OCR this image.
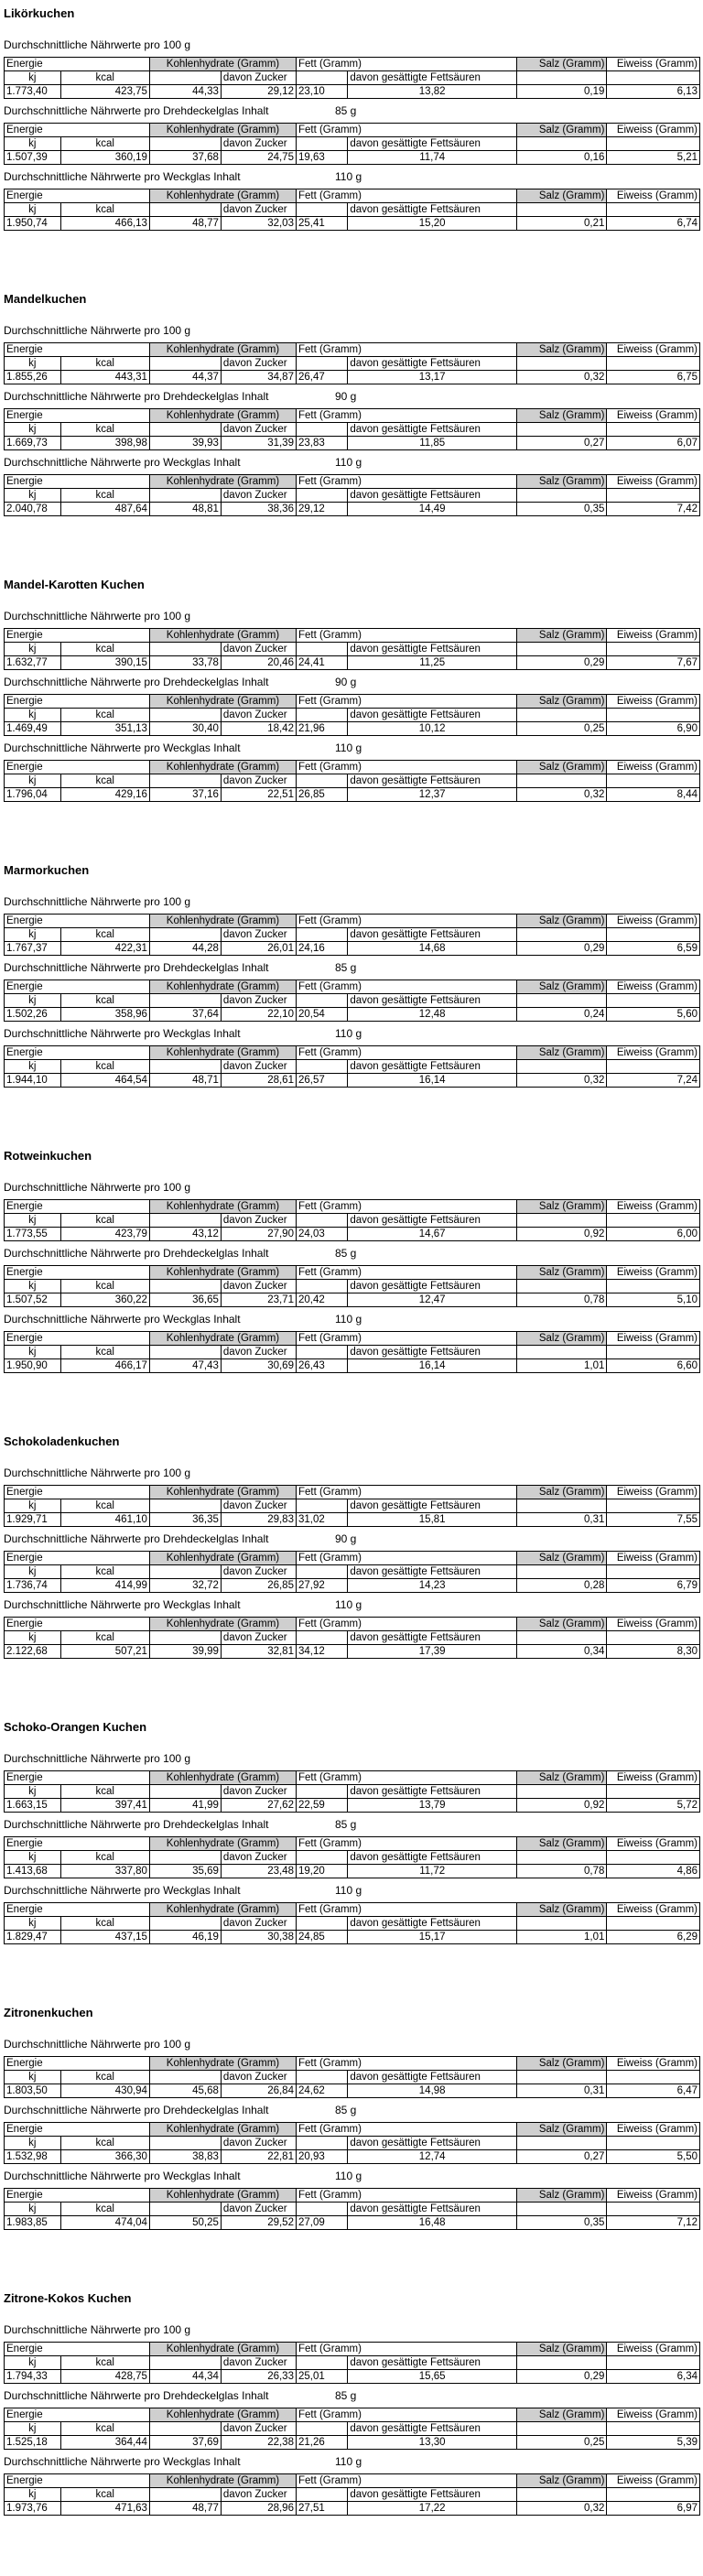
Likörkuchen
Durchschnittliche Nährwerte pro 100 g
Energie		Kohlenhydrate (Gramm)		Fett (Gramm)		Salz (Gramm)	Eiweiss (Gramm)
kj	kcal		davon Zucker		davon gesättigte Fettsäuren		
1.773,40	423,75	44,33	29,12	23,10	13,82	0,19	6,13
Durchschnittliche Nährwerte pro Drehdeckelglas Inhalt	85 g
Energie		Kohlenhydrate (Gramm)		Fett (Gramm)		Salz (Gramm)	Eiweiss (Gramm)
kj	kcal		davon Zucker		davon gesättigte Fettsäuren		
1.507,39	360,19	37,68	24,75	19,63	11,74	0,16	5,21
Durchschnittliche Nährwerte pro Weckglas Inhalt	110 g
Energie		Kohlenhydrate (Gramm)		Fett (Gramm)		Salz (Gramm)	Eiweiss (Gramm)
kj	kcal		davon Zucker		davon gesättigte Fettsäuren		
1.950,74	466,13	48,77	32,03	25,41	15,20	0,21	6,74
Mandelkuchen
Durchschnittliche Nährwerte pro 100 g
Energie		Kohlenhydrate (Gramm)		Fett (Gramm)		Salz (Gramm)	Eiweiss (Gramm)
kj	kcal		davon Zucker		davon gesättigte Fettsäuren		
1.855,26	443,31	44,37	34,87	26,47	13,17	0,32	6,75
Durchschnittliche Nährwerte pro Drehdeckelglas Inhalt	90 g
Energie		Kohlenhydrate (Gramm)		Fett (Gramm)		Salz (Gramm)	Eiweiss (Gramm)
kj	kcal		davon Zucker		davon gesättigte Fettsäuren		
1.669,73	398,98	39,93	31,39	23,83	11,85	0,27	6,07
Durchschnittliche Nährwerte pro Weckglas Inhalt	110 g
Energie		Kohlenhydrate (Gramm)		Fett (Gramm)		Salz (Gramm)	Eiweiss (Gramm)
kj	kcal		davon Zucker		davon gesättigte Fettsäuren		
2.040,78	487,64	48,81	38,36	29,12	14,49	0,35	7,42
Mandel-Karotten Kuchen
Durchschnittliche Nährwerte pro 100 g
Energie		Kohlenhydrate (Gramm)		Fett (Gramm)		Salz (Gramm)	Eiweiss (Gramm)
kj	kcal		davon Zucker		davon gesättigte Fettsäuren		
1.632,77	390,15	33,78	20,46	24,41	11,25	0,29	7,67
Durchschnittliche Nährwerte pro Drehdeckelglas Inhalt	90 g
Energie		Kohlenhydrate (Gramm)		Fett (Gramm)		Salz (Gramm)	Eiweiss (Gramm)
kj	kcal		davon Zucker		davon gesättigte Fettsäuren		
1.469,49	351,13	30,40	18,42	21,96	10,12	0,25	6,90
Durchschnittliche Nährwerte pro Weckglas Inhalt	110 g
Energie		Kohlenhydrate (Gramm)		Fett (Gramm)		Salz (Gramm)	Eiweiss (Gramm)
kj	kcal		davon Zucker		davon gesättigte Fettsäuren		
1.796,04	429,16	37,16	22,51	26,85	12,37	0,32	8,44
Marmorkuchen
Durchschnittliche Nährwerte pro 100 g
Energie		Kohlenhydrate (Gramm)		Fett (Gramm)		Salz (Gramm)	Eiweiss (Gramm)
kj	kcal		davon Zucker		davon gesättigte Fettsäuren		
1.767,37	422,31	44,28	26,01	24,16	14,68	0,29	6,59
Durchschnittliche Nährwerte pro Drehdeckelglas Inhalt	85 g
Energie		Kohlenhydrate (Gramm)		Fett (Gramm)		Salz (Gramm)	Eiweiss (Gramm)
kj	kcal		davon Zucker		davon gesättigte Fettsäuren		
1.502,26	358,96	37,64	22,10	20,54	12,48	0,24	5,60
Durchschnittliche Nährwerte pro Weckglas Inhalt	110 g
Energie		Kohlenhydrate (Gramm)		Fett (Gramm)		Salz (Gramm)	Eiweiss (Gramm)
kj	kcal		davon Zucker		davon gesättigte Fettsäuren		
1.944,10	464,54	48,71	28,61	26,57	16,14	0,32	7,24
Rotweinkuchen
Durchschnittliche Nährwerte pro 100 g
Energie		Kohlenhydrate (Gramm)		Fett (Gramm)		Salz (Gramm)	Eiweiss (Gramm)
kj	kcal		davon Zucker		davon gesättigte Fettsäuren		
1.773,55	423,79	43,12	27,90	24,03	14,67	0,92	6,00
Durchschnittliche Nährwerte pro Drehdeckelglas Inhalt	85 g
Energie		Kohlenhydrate (Gramm)		Fett (Gramm)		Salz (Gramm)	Eiweiss (Gramm)
kj	kcal		davon Zucker		davon gesättigte Fettsäuren		
1.507,52	360,22	36,65	23,71	20,42	12,47	0,78	5,10
Durchschnittliche Nährwerte pro Weckglas Inhalt	110 g
Energie		Kohlenhydrate (Gramm)		Fett (Gramm)		Salz (Gramm)	Eiweiss (Gramm)
kj	kcal		davon Zucker		davon gesättigte Fettsäuren		
1.950,90	466,17	47,43	30,69	26,43	16,14	1,01	6,60
Schokoladenkuchen
Durchschnittliche Nährwerte pro 100 g
Energie		Kohlenhydrate (Gramm)		Fett (Gramm)		Salz (Gramm)	Eiweiss (Gramm)
kj	kcal		davon Zucker		davon gesättigte Fettsäuren		
1.929,71	461,10	36,35	29,83	31,02	15,81	0,31	7,55
Durchschnittliche Nährwerte pro Drehdeckelglas Inhalt	90 g
Energie		Kohlenhydrate (Gramm)		Fett (Gramm)		Salz (Gramm)	Eiweiss (Gramm)
kj	kcal		davon Zucker		davon gesättigte Fettsäuren		
1.736,74	414,99	32,72	26,85	27,92	14,23	0,28	6,79
Durchschnittliche Nährwerte pro Weckglas Inhalt	110 g
Energie		Kohlenhydrate (Gramm)		Fett (Gramm)		Salz (Gramm)	Eiweiss (Gramm)
kj	kcal		davon Zucker		davon gesättigte Fettsäuren		
2.122,68	507,21	39,99	32,81	34,12	17,39	0,34	8,30
Schoko-Orangen Kuchen
Durchschnittliche Nährwerte pro 100 g
Energie		Kohlenhydrate (Gramm)		Fett (Gramm)		Salz (Gramm)	Eiweiss (Gramm)
kj	kcal		davon Zucker		davon gesättigte Fettsäuren		
1.663,15	397,41	41,99	27,62	22,59	13,79	0,92	5,72
Durchschnittliche Nährwerte pro Drehdeckelglas Inhalt	85 g
Energie		Kohlenhydrate (Gramm)		Fett (Gramm)		Salz (Gramm)	Eiweiss (Gramm)
kj	kcal		davon Zucker		davon gesättigte Fettsäuren		
1.413,68	337,80	35,69	23,48	19,20	11,72	0,78	4,86
Durchschnittliche Nährwerte pro Weckglas Inhalt	110 g
Energie		Kohlenhydrate (Gramm)		Fett (Gramm)		Salz (Gramm)	Eiweiss (Gramm)
kj	kcal		davon Zucker		davon gesättigte Fettsäuren		
1.829,47	437,15	46,19	30,38	24,85	15,17	1,01	6,29
Zitronenkuchen
Durchschnittliche Nährwerte pro 100 g
Energie		Kohlenhydrate (Gramm)		Fett (Gramm)		Salz (Gramm)	Eiweiss (Gramm)
kj	kcal		davon Zucker		davon gesättigte Fettsäuren		
1.803,50	430,94	45,68	26,84	24,62	14,98	0,31	6,47
Durchschnittliche Nährwerte pro Drehdeckelglas Inhalt	85 g
Energie		Kohlenhydrate (Gramm)		Fett (Gramm)		Salz (Gramm)	Eiweiss (Gramm)
kj	kcal		davon Zucker		davon gesättigte Fettsäuren		
1.532,98	366,30	38,83	22,81	20,93	12,74	0,27	5,50
Durchschnittliche Nährwerte pro Weckglas Inhalt	110 g
Energie		Kohlenhydrate (Gramm)		Fett (Gramm)		Salz (Gramm)	Eiweiss (Gramm)
kj	kcal		davon Zucker		davon gesättigte Fettsäuren		
1.983,85	474,04	50,25	29,52	27,09	16,48	0,35	7,12
Zitrone-Kokos Kuchen
Durchschnittliche Nährwerte pro 100 g
Energie		Kohlenhydrate (Gramm)		Fett (Gramm)		Salz (Gramm)	Eiweiss (Gramm)
kj	kcal		davon Zucker		davon gesättigte Fettsäuren		
1.794,33	428,75	44,34	26,33	25,01	15,65	0,29	6,34
Durchschnittliche Nährwerte pro Drehdeckelglas Inhalt	85 g
Energie		Kohlenhydrate (Gramm)		Fett (Gramm)		Salz (Gramm)	Eiweiss (Gramm)
kj	kcal		davon Zucker		davon gesättigte Fettsäuren		
1.525,18	364,44	37,69	22,38	21,26	13,30	0,25	5,39
Durchschnittliche Nährwerte pro Weckglas Inhalt	110 g
Energie		Kohlenhydrate (Gramm)		Fett (Gramm)		Salz (Gramm)	Eiweiss (Gramm)
kj	kcal		davon Zucker		davon gesättigte Fettsäuren		
1.973,76	471,63	48,77	28,96	27,51	17,22	0,32	6,97
